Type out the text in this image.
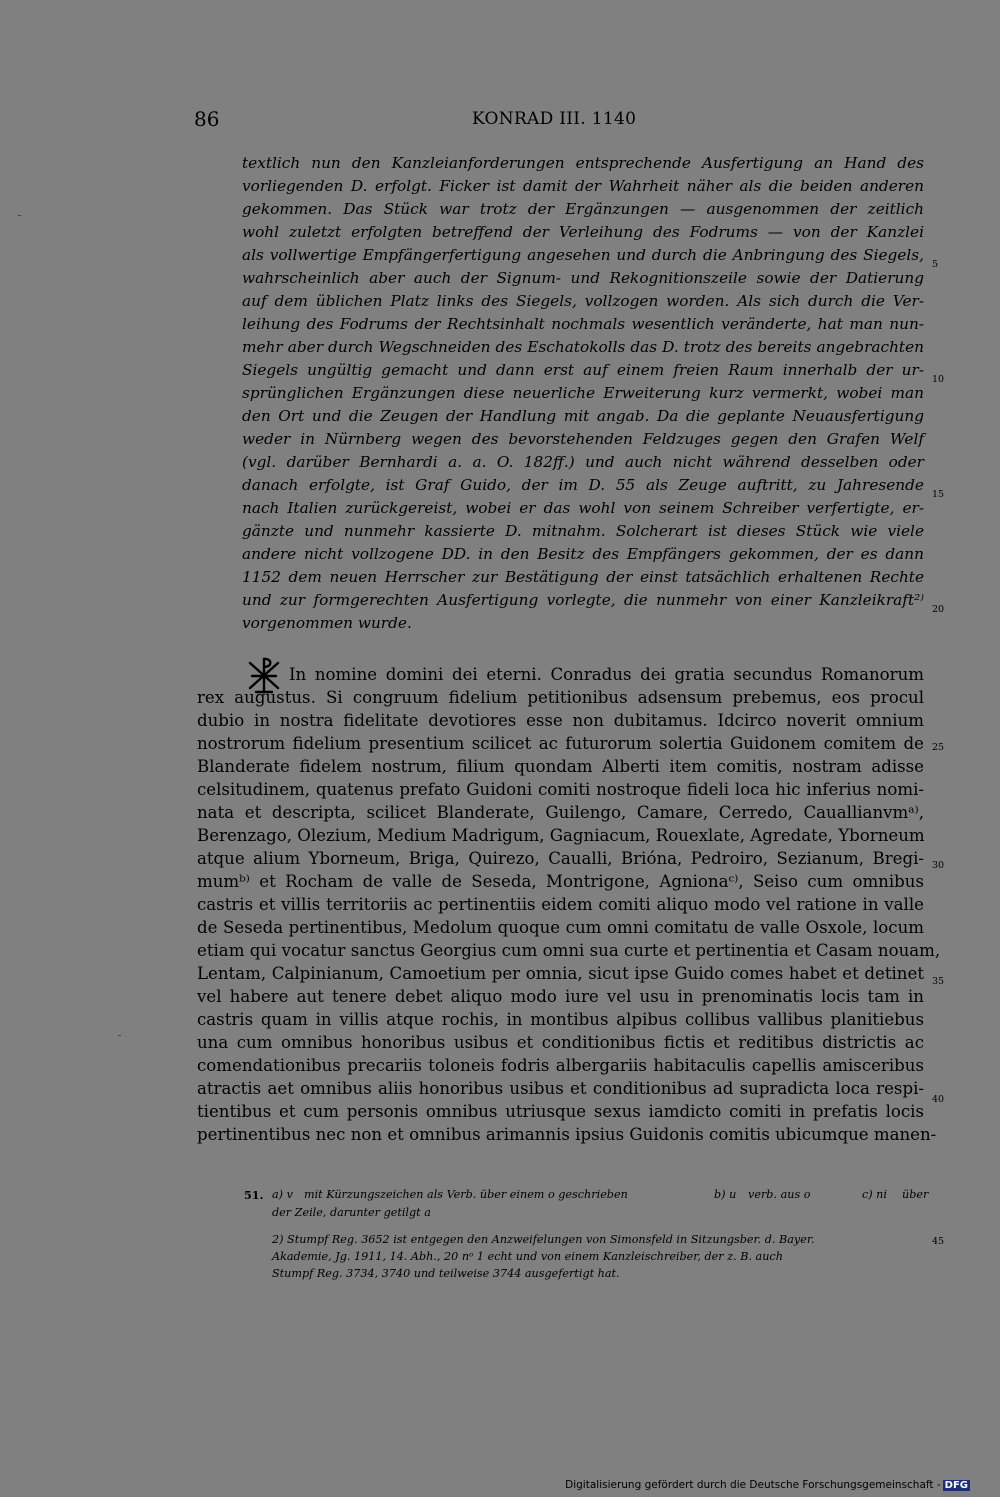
86	KONRAD III. 1140
textlich nun den Kanzleianforderungen entsprechende Ausfertigung an Hand des
vorliegenden D. erfolgt. Ficker ist damit der Wahrheit näher als die beiden anderen
gekommen. Das Stück war trotz der Ergänzungen — ausgenommen der zeitlich
wohl zuletzt erfolgten betreffend der Verleihung des Fodrums — von der Kanzlei
als vollwertige Empfängerfertigung angesehen und durch die Anbringung des Siegels,
wahrscheinlich aber auch der Signum- und Rekognitionszeile sowie der Datierung
auf dem üblichen Platz links des Siegels, vollzogen worden. Als sich durch die Ver-
leihung des Fodrums der Rechtsinhalt nochmals wesentlich veränderte, hat man nun-
mehr aber durch Wegschneiden des Eschatokolls das D. trotz des bereits angebrachten
Siegels ungültig gemacht und dann erst auf einem freien Raum innerhalb der ur-
sprünglichen Ergänzungen diese neuerliche Erweiterung kurz vermerkt, wobei man
den Ort und die Zeugen der Handlung mit angab. Da die geplante Neuausfertigung
weder in Nürnberg wegen des bevorstehenden Feldzuges gegen den Grafen Welf
(vgl. darüber Bernhardi a. a. O. 182ff.) und auch nicht während desselben oder
danach erfolgte, ist Graf Guido, der im D. 55 als Zeuge auftritt, zu Jahresende
nach Italien zurückgereist, wobei er das wohl von seinem Schreiber verfertigte, er-
gänzte und nunmehr kassierte D. mitnahm. Solcherart ist dieses Stück wie viele
andere nicht vollzogene DD. in den Besitz des Empfängers gekommen, der es dann
1152 dem neuen Herrscher zur Bestätigung der einst tatsächlich erhaltenen Rechte
und zur formgerechten Ausfertigung vorlegte, die nunmehr von einer Kanzleikraft²⁾
vorgenommen wurde.
5
10
15
20
In nomine domini dei eterni. Conradus dei gratia secundus Romanorum
rex augustus. Si congruum fidelium petitionibus adsensum prebemus, eos procul
dubio in nostra fidelitate devotiores esse non dubitamus. Idcirco noverit omnium
nostrorum fidelium presentium scilicet ac futurorum solertia Guidonem comitem de
Blanderate fidelem nostrum, filium quondam Alberti item comitis, nostram adisse
celsitudinem, quatenus prefato Guidoni comiti nostroque fideli loca hic inferius nomi-
nata et descripta, scilicet Blanderate, Guilengo, Camare, Cerredo, Cauallianvmᵃ⁾,
Berenzago, Olezium, Medium Madrigum, Gagniacum, Rouexlate, Agredate, Yborneum
atque alium Yborneum, Briga, Quirezo, Caualli, Brióna, Pedroiro, Sezianum, Bregi-
mumᵇ⁾ et Rocham de valle de Seseda, Montrigone, Agnionaᶜ⁾, Seiso cum omnibus
castris et villis territoriis ac pertinentiis eidem comiti aliquo modo vel ratione in valle
de Seseda pertinentibus, Medolum quoque cum omni comitatu de valle Osxole, locum
etiam qui vocatur sanctus Georgius cum omni sua curte et pertinentia et Casam nouam,
Lentam, Calpinianum, Camoetium per omnia, sicut ipse Guido comes habet et detinet
vel habere aut tenere debet aliquo modo iure vel usu in prenominatis locis tam in
castris quam in villis atque rochis, in montibus alpibus collibus vallibus planitiebus
una cum omnibus honoribus usibus et conditionibus fictis et reditibus districtis ac
comendationibus precariis toloneis fodris albergariis habitaculis capellis amisceribus
atractis aet omnibus aliis honoribus usibus et conditionibus ad supradicta loca respi-
tientibus et cum personis omnibus utriusque sexus iamdicto comiti in prefatis locis
pertinentibus nec non et omnibus arimannis ipsius Guidonis comitis ubicumque manen-
25
30
35
40
51. a) v mit Kürzungszeichen als Verb. über einem o geschrieben	b) u verb. aus o	c) ni über
der Zeile, darunter getilgt a
2) Stumpf Reg. 3652 ist entgegen den Anzweifelungen von Simonsfeld in Sitzungsber. d. Bayer.
Akademie, Jg. 1911, 14. Abh., 20 nᵒ 1 echt und von einem Kanzleischreiber, der z. B. auch
Stumpf Reg. 3734, 3740 und teilweise 3744 ausgefertigt hat.
45
Digitalisierung gefördert durch die Deutsche Forschungsgemeinschaft - DFG
